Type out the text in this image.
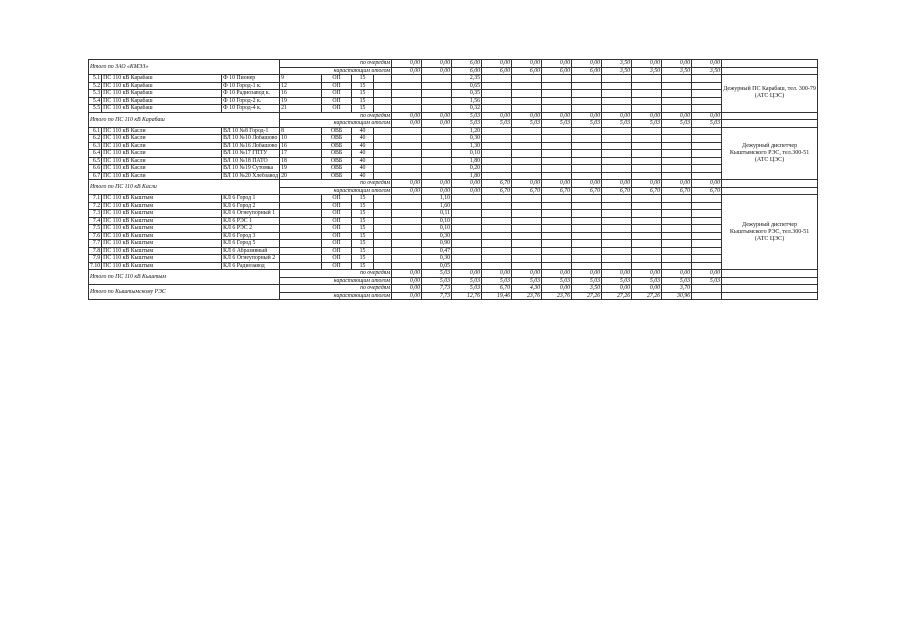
Итого по ЗАО «КМЭЗ»			по очередям				0,00	0,00	6,00	0,00	0,00	0,00	0,00	3,50	0,00	0,00	0,00	
			нарастающим итогом				0,00	0,00	6,00	6,00	6,00	6,00	6,00	3,50	3,50	3,50	3,50	
5.1	ПС 110 кВ Карабаш	Ф 10 Пионер	9	ОП	15				2,35									Дежурный ПС Карабаш, тел. 300-79 (АТС ЦЭС)
5.2	ПС 110 кВ Карабаш	Ф 10 Город-1 к.	12	ОП	15				0,65									
5.3	ПС 110 кВ Карабаш	Ф 10 Радиозавод к.	16	ОП	15				0,35									
5.4	ПС 110 кВ Карабаш	Ф 10 Город-2 к.	19	ОП	15				1,56									
5.5	ПС 110 кВ Карабаш	Ф 10 Город-4 к.	21	ОП	15				0,32									
Итого по ПС 110 кВ Карабаш			по очередям				0,00	0,00	5,03	0,00	0,00	0,00	0,00	0,00	0,00	0,00	0,00	
			нарастающим итогом				0,00	0,00	5,03	5,03	5,03	5,03	5,03	5,03	5,03	5,03	5,03	
6.1	ПС 110 кВ Касли	ВЛ 10 №8 Город-1	8	ОВБ	40				1,20									Дежурный диспетчер Кыштымского РЭС, тел.300-51 (АТС ЦЭС)
6.2	ПС 110 кВ Касли	ВЛ 10 №10 Лобашово	10	ОВБ	40				0,30									
6.3	ПС 110 кВ Касли	ВЛ 10 №16 Лобашово	16	ОВБ	40				1,30									
6.4	ПС 110 кВ Касли	ВЛ 10 №17 ГПТУ	17	ОВБ	40				0,10									
6.5	ПС 110 кВ Касли	ВЛ 10 №18 ПАТО	18	ОВБ	40				1,80									
6.6	ПС 110 кВ Касли	ВЛ 10 №19 Сутомка	19	ОВБ	40				0,20									
6.7	ПС 110 кВ Касли	ВЛ 10 №20 Хлебзавод	20	ОВБ	40				1,80									
Итого по ПС 110 кВ Касли			по очередям				0,00	0,00	0,00	6,70	0,00	0,00	0,00	0,00	0,00	0,00	0,00	
			нарастающим итогом				0,00	0,00	0,00	6,70	6,70	6,70	6,70	6,70	6,70	6,70	6,70	
7.1	ПС 110 кВ Кыштым	КЛ 6 Город 1		ОП	15			1,10										Дежурный диспетчер Кыштымского РЭС, тел.300-51 (АТС ЦЭС)
7.2	ПС 110 кВ Кыштым	КЛ 6 Город 2		ОП	15			1,60										
7.3	ПС 110 кВ Кыштым	КЛ 6 Огнеупорный 1		ОП	15			0,11										
7.4	ПС 110 кВ Кыштым	КЛ 6 РЭС 1		ОП	15			0,10										
7.5	ПС 110 кВ Кыштым	КЛ 6 РЭС 2		ОП	15			0,10										
7.6	ПС 110 кВ Кыштым	КЛ 6 Город 3		ОП	15			0,30										
7.7	ПС 110 кВ Кыштым	КЛ 6 Город 5		ОП	15			0,90										
7.8	ПС 110 кВ Кыштым	КЛ 6 Абразивный		ОП	15			0,47										
7.9	ПС 110 кВ Кыштым	КЛ 6 Огнеупорный 2		ОП	15			0,30										
7.10	ПС 110 кВ Кыштым	КЛ 6 Радиозавод		ОП	15			0,05										
Итого по ПС 110 кВ Кыштым			по очередям				0,00	5,03	0,00	0,00	0,00	0,00	0,00	0,00	0,00	0,00	0,00	
			нарастающим итогом				0,00	5,03	5,03	5,03	5,03	5,03	5,03	5,03	5,03	5,03	5,03	
Итого по Кыштымскому РЭС			по очередям				0,00	7,73	5,03	6,70	4,30	0,00	3,50	0,00	0,00	3,70		
			нарастающим итогом				0,00	7,73	12,76	19,46	23,76	23,76	27,26	27,26	27,26	30,96		
